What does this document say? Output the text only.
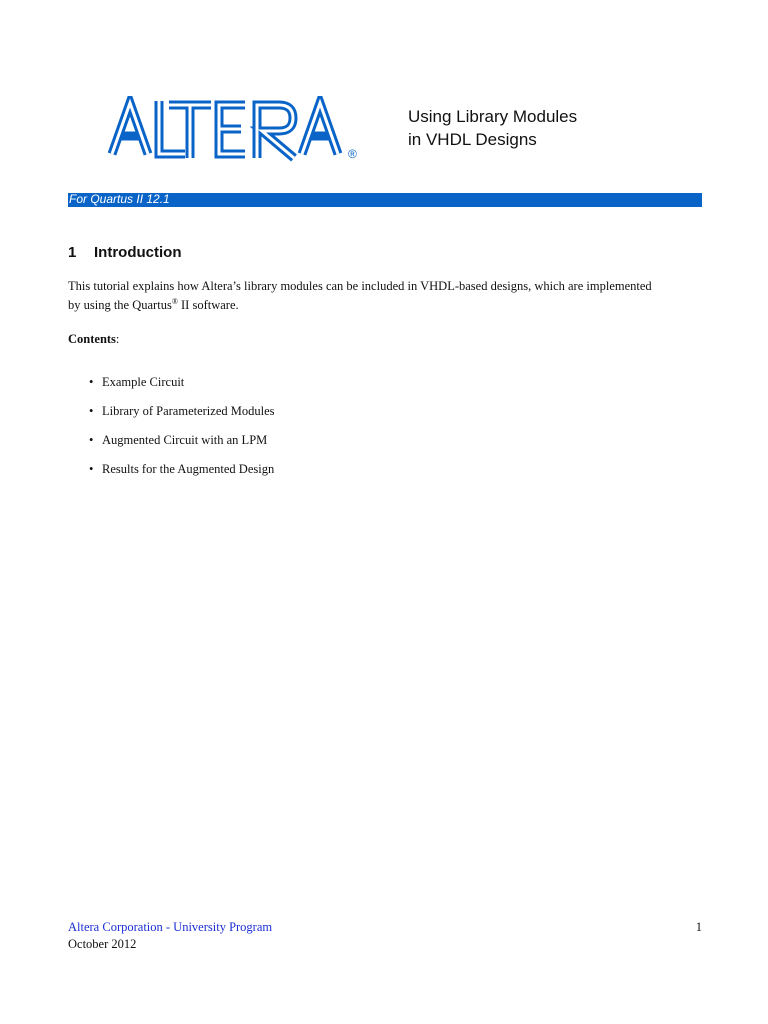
®
Using Library Modules
in VHDL Designs
For Quartus II 12.1
1 Introduction

This tutorial explains how Altera’s library modules can be included in VHDL-based designs, which are implemented

by using the Quartus® II software.

Contents:
• Example Circuit
• Library of Parameterized Modules
• Augmented Circuit with an LPM
• Results for the Augmented Design
Altera Corporation - University Program
October 2012
1
